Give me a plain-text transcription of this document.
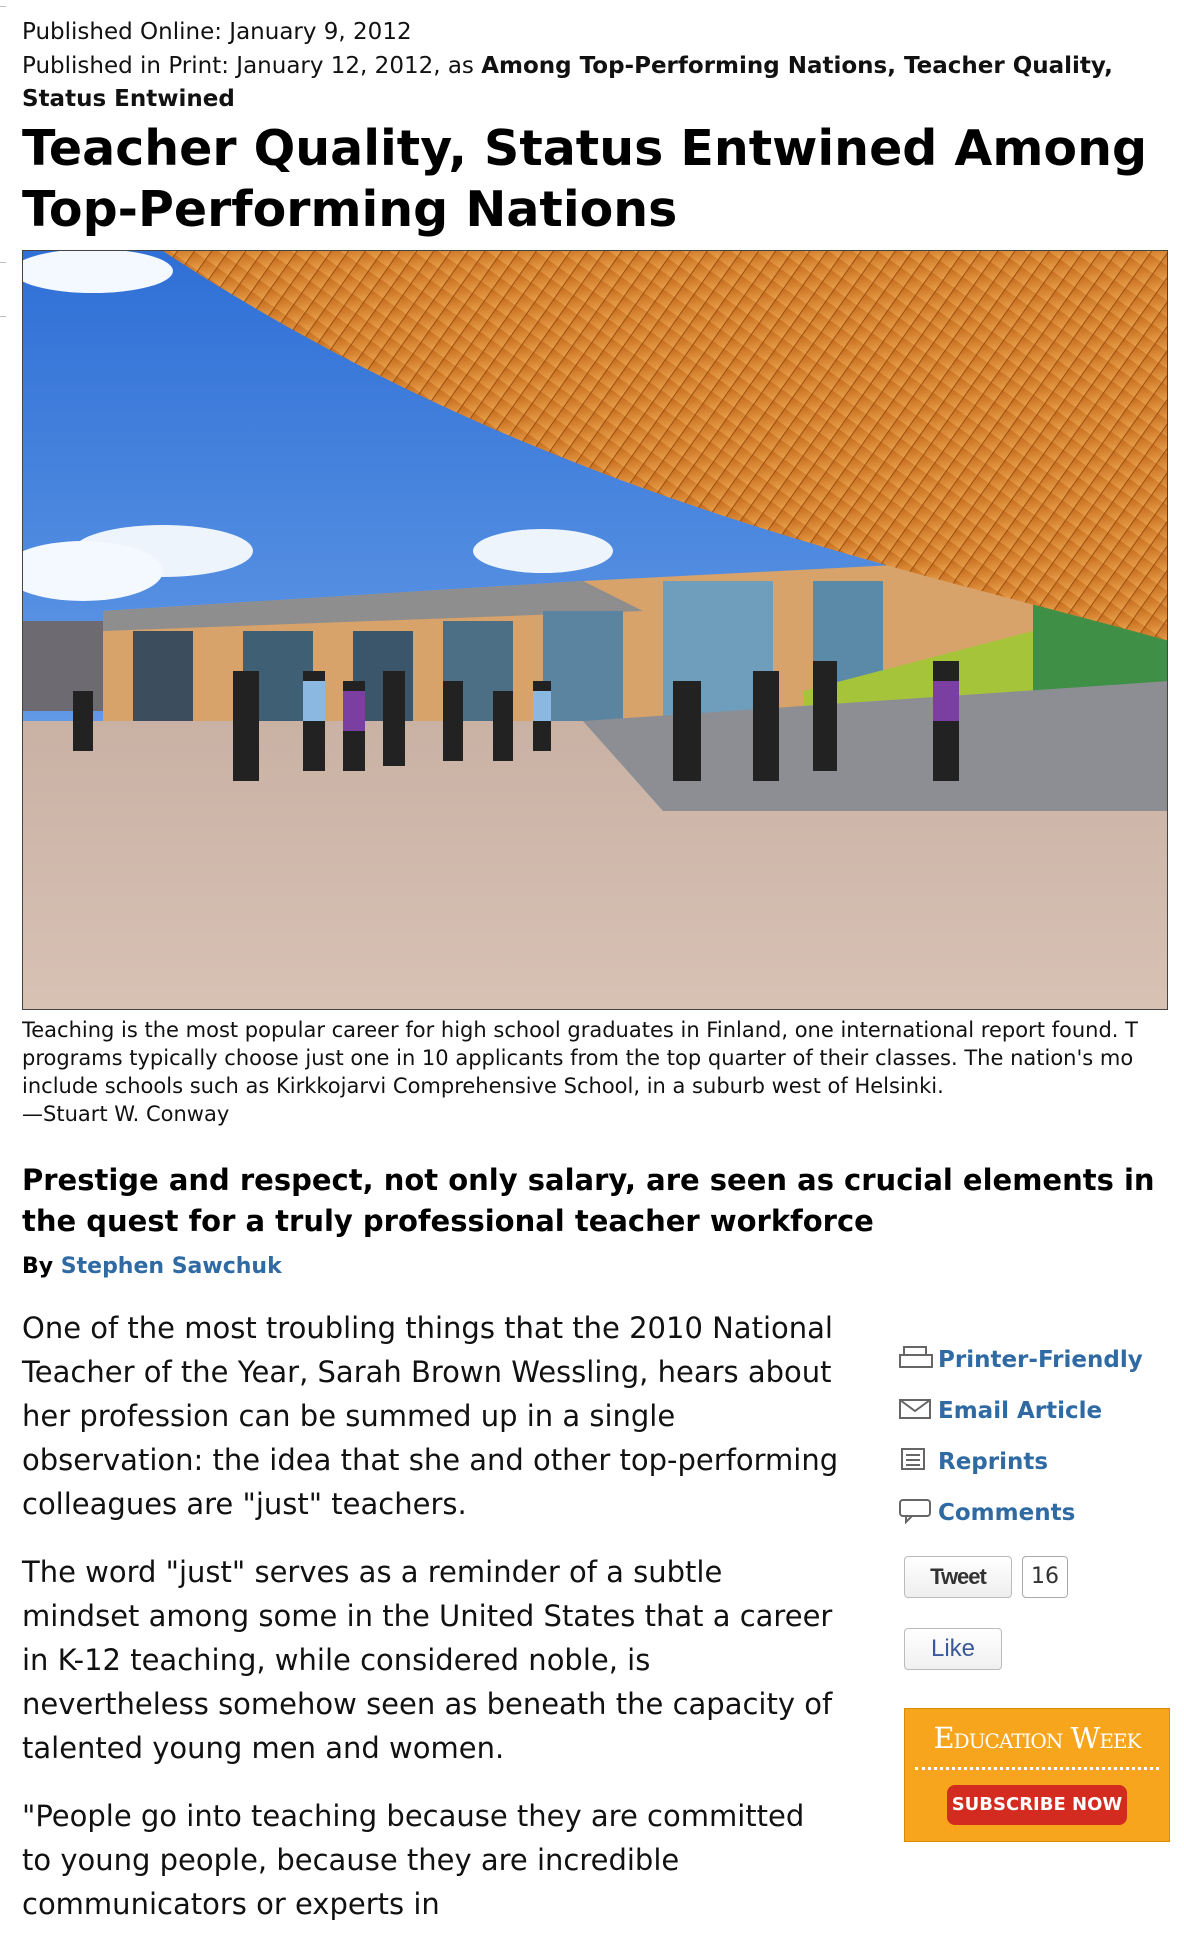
Published Online: January 9, 2012
Published in Print: January 12, 2012, as Among Top-Performing Nations, Teacher Quality, Status Entwined
Teacher Quality, Status Entwined Among Top-Performing Nations
Teaching is the most popular career for high school graduates in Finland, one international report found. T
programs typically choose just one in 10 applicants from the top quarter of their classes. The nation's mo
include schools such as Kirkkojarvi Comprehensive School, in a suburb west of Helsinki.
—Stuart W. Conway
Prestige and respect, not only salary, are seen as crucial elements in the quest for a truly professional teacher workforce
By Stephen Sawchuk

One of the most troubling things that the 2010 National Teacher of the Year, Sarah Brown Wessling, hears about her profession can be summed up in a single observation: the idea that she and other top-performing colleagues are "just" teachers.

The word "just" serves as a reminder of a subtle mindset among some in the United States that a career in K-12 teaching, while considered noble, is nevertheless somehow seen as beneath the capacity of talented young men and women.

"People go into teaching because they are committed to young people, because they are incredible communicators or experts in

Printer-Friendly
Email Article
Reprints
Comments
Tweet	16
Like
Education Week
SUBSCRIBE NOW
